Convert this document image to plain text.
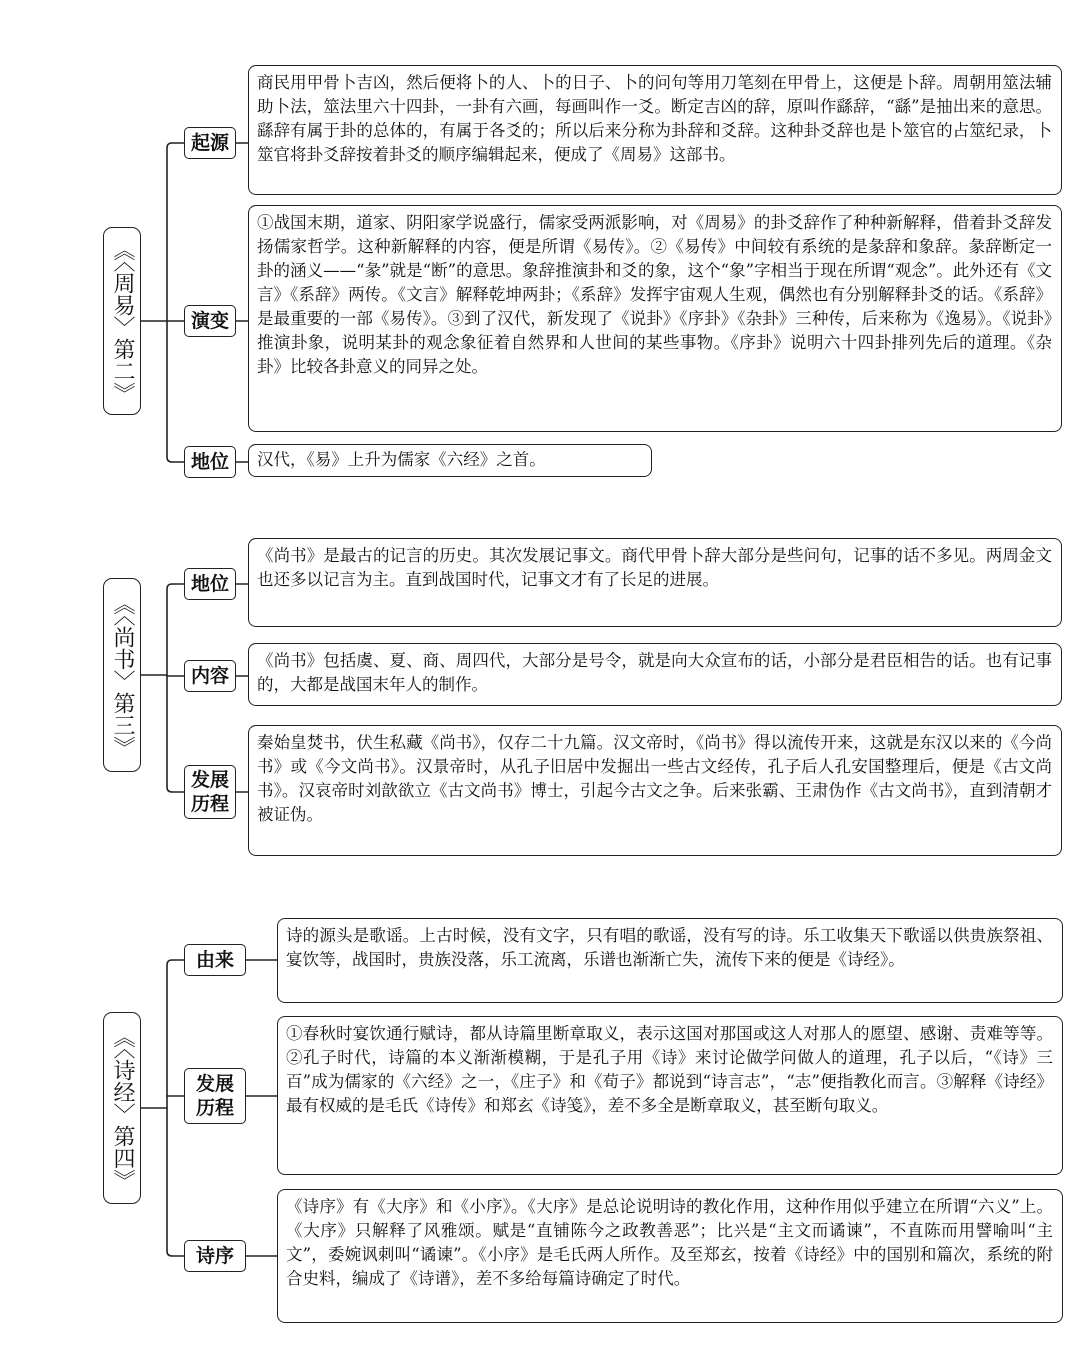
《〈周易〉第二》
起源
商民用甲骨卜吉凶，然后便将卜的人、卜的日子、卜的问句等用刀笔刻在甲骨上，这便是卜辞。周朝用筮法辅助卜法，筮法里六十四卦，一卦有六画，每画叫作一爻。断定吉凶的辞，原叫作繇辞，“繇”是抽出来的意思。繇辞有属于卦的总体的，有属于各爻的；所以后来分称为卦辞和爻辞。这种卦爻辞也是卜筮官的占筮纪录，卜筮官将卦爻辞按着卦爻的顺序编辑起来，便成了《周易》这部书。
演变
①战国末期，道家、阴阳家学说盛行，儒家受两派影响，对《周易》的卦爻辞作了种种新解释，借着卦爻辞发扬儒家哲学。这种新解释的内容，便是所谓《易传》。②《易传》中间较有系统的是彖辞和象辞。彖辞断定一卦的涵义——“彖”就是“断”的意思。象辞推演卦和爻的象，这个“象”字相当于现在所谓“观念”。此外还有《文言》《系辞》两传。《文言》解释乾坤两卦；《系辞》发挥宇宙观人生观，偶然也有分别解释卦爻的话。《系辞》是最重要的一部《易传》。③到了汉代，新发现了《说卦》《序卦》《杂卦》三种传，后来称为《逸易》。《说卦》推演卦象，说明某卦的观念象征着自然界和人世间的某些事物。《序卦》说明六十四卦排列先后的道理。《杂卦》比较各卦意义的同异之处。
地位	汉代，《易》上升为儒家《六经》之首。
《〈尚书〉第三》
地位
《尚书》是最古的记言的历史。其次发展记事文。商代甲骨卜辞大部分是些问句，记事的话不多见。两周金文也还多以记言为主。直到战国时代，记事文才有了长足的进展。
内容
《尚书》包括虞、夏、商、周四代，大部分是号令，就是向大众宣布的话，小部分是君臣相告的话。也有记事的，大都是战国末年人的制作。
发展
历程
秦始皇焚书，伏生私藏《尚书》，仅存二十九篇。汉文帝时，《尚书》得以流传开来，这就是东汉以来的《今尚书》或《今文尚书》。汉景帝时，从孔子旧居中发掘出一些古文经传，孔子后人孔安国整理后，便是《古文尚书》。汉哀帝时刘歆欲立《古文尚书》博士，引起今古文之争。后来张霸、王肃伪作《古文尚书》，直到清朝才被证伪。
《〈诗经〉第四》
由来
诗的源头是歌谣。上古时候，没有文字，只有唱的歌谣，没有写的诗。乐工收集天下歌谣以供贵族祭祖、宴饮等，战国时，贵族没落，乐工流离，乐谱也渐渐亡失，流传下来的便是《诗经》。
发展
历程
①春秋时宴饮通行赋诗，都从诗篇里断章取义，表示这国对那国或这人对那人的愿望、感谢、责难等等。②孔子时代，诗篇的本义渐渐模糊，于是孔子用《诗》来讨论做学问做人的道理，孔子以后，“《诗》三百”成为儒家的《六经》之一，《庄子》和《荀子》都说到“诗言志”，“志”便指教化而言。③解释《诗经》最有权威的是毛氏《诗传》和郑玄《诗笺》，差不多全是断章取义，甚至断句取义。
诗序
《诗序》有《大序》和《小序》。《大序》是总论说明诗的教化作用，这种作用似乎建立在所谓“六义”上。《大序》只解释了风雅颂。赋是“直铺陈今之政教善恶”；比兴是“主文而谲谏”，不直陈而用譬喻叫“主文”，委婉讽刺叫“谲谏”。《小序》是毛氏两人所作。及至郑玄，按着《诗经》中的国别和篇次，系统的附合史料，编成了《诗谱》，差不多给每篇诗确定了时代。
